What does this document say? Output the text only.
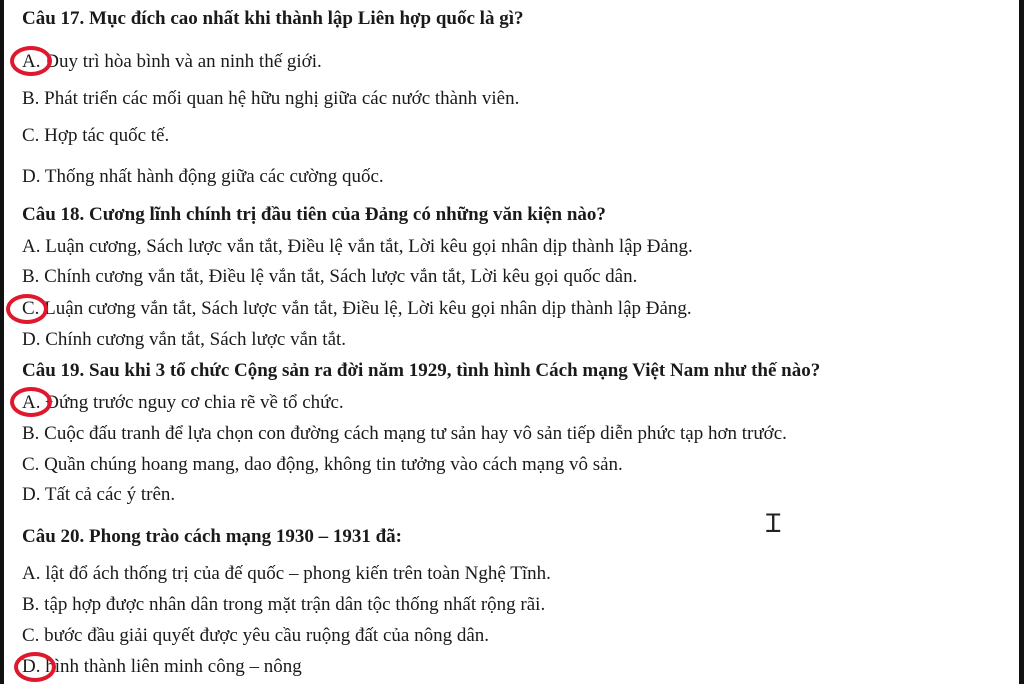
Câu 17. Mục đích cao nhất khi thành lập Liên hợp quốc là gì?
A. Duy trì hòa bình và an ninh thế giới.
B. Phát triển các mối quan hệ hữu nghị giữa các nước thành viên.
C. Hợp tác quốc tế.
D. Thống nhất hành động giữa các cường quốc.
Câu 18. Cương lĩnh chính trị đầu tiên của Đảng có những văn kiện nào?
A. Luận cương, Sách lược vắn tắt, Điều lệ vắn tắt, Lời kêu gọi nhân dịp thành lập Đảng.
B. Chính cương vắn tắt, Điều lệ vắn tắt, Sách lược vắn tắt, Lời kêu gọi quốc dân.
C. Luận cương vắn tắt, Sách lược vắn tắt, Điều lệ, Lời kêu gọi nhân dịp thành lập Đảng.
D. Chính cương vắn tắt, Sách lược vắn tắt.
Câu 19. Sau khi 3 tổ chức Cộng sản ra đời năm 1929, tình hình Cách mạng Việt Nam như thế nào?
A. Đứng trước nguy cơ chia rẽ về tổ chức.
B. Cuộc đấu tranh để lựa chọn con đường cách mạng tư sản hay vô sản tiếp diễn phức tạp hơn trước.
C. Quần chúng hoang mang, dao động, không tin tưởng vào cách mạng vô sản.
D. Tất cả các ý trên.
Câu 20. Phong trào cách mạng 1930 – 1931 đã:
A. lật đổ ách thống trị của đế quốc – phong kiến trên toàn Nghệ Tĩnh.
B. tập hợp được nhân dân trong mặt trận dân tộc thống nhất rộng rãi.
C. bước đầu giải quyết được yêu cầu ruộng đất của nông dân.
D. hình thành liên minh công – nông
Ɪ
